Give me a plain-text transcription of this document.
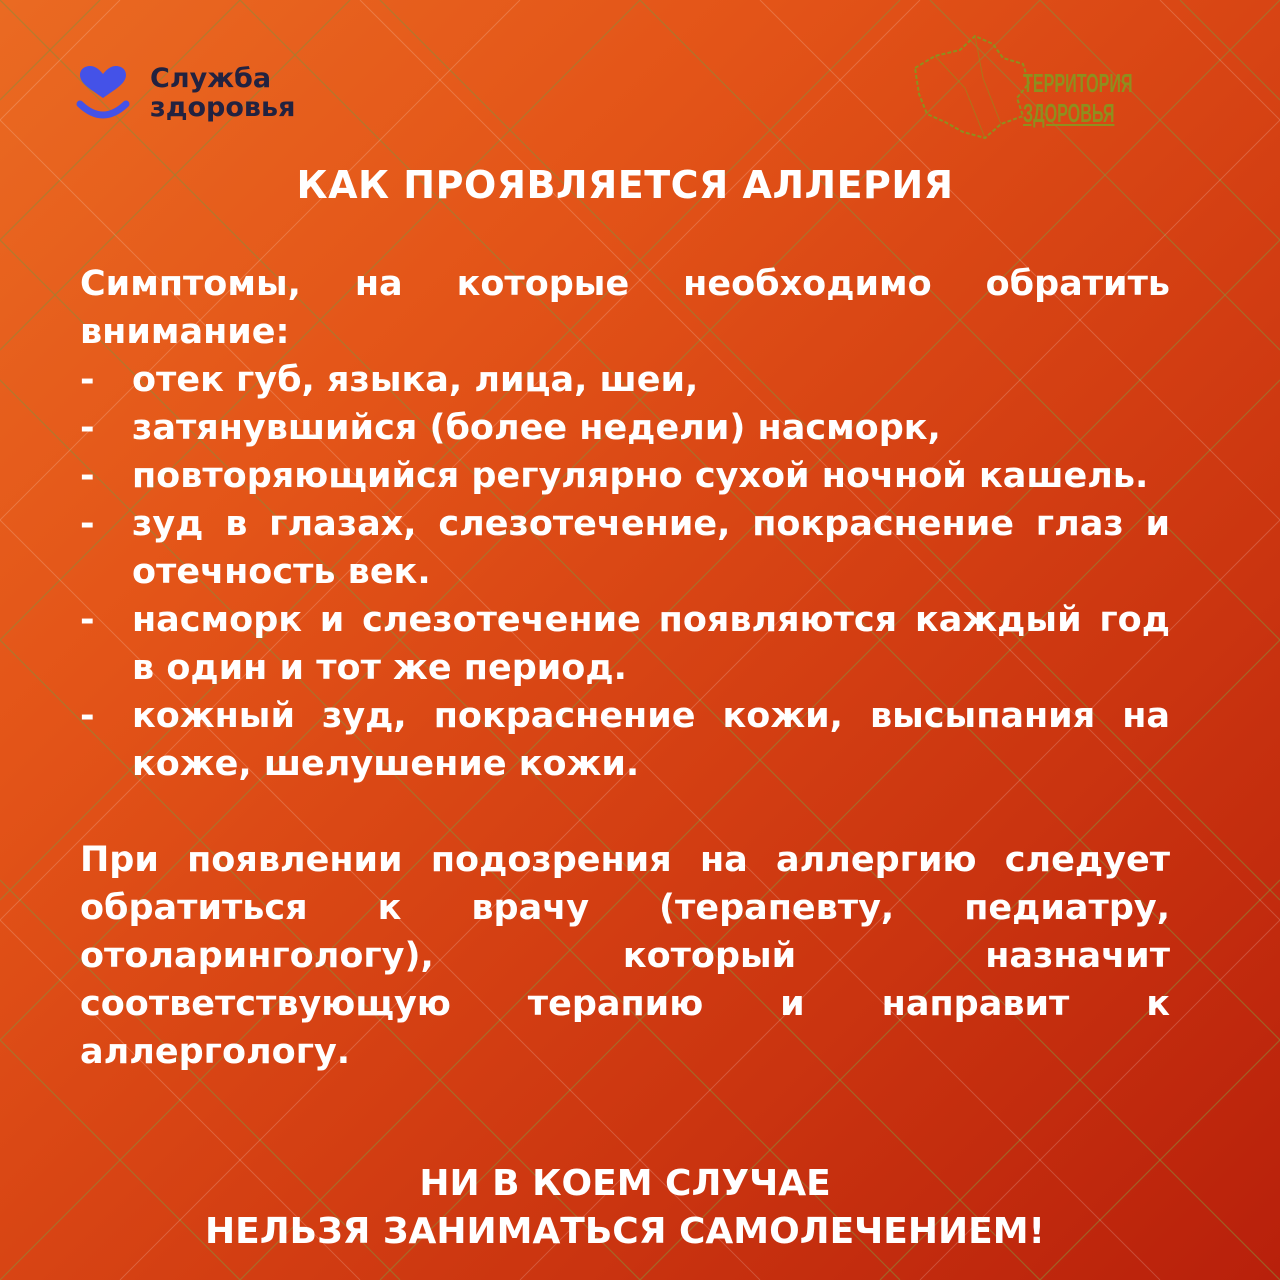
Служба
здоровья
ТЕРРИТОРИЯ
ЗДОРОВЬЯ
КАК ПРОЯВЛЯЕТСЯ АЛЛЕРИЯ

Симптомы, на которые необходимо обратить внимание:

- отек губ, языка, лица, шеи,
- затянувшийся (более недели) насморк,
- повторяющийся регулярно сухой ночной кашель.
- зуд в глазах, слезотечение, покраснение глаз и отечность век.
- насморк и слезотечение появляются каждый год в один и тот же период.
- кожный зуд, покраснение кожи, высыпания на коже, шелушение кожи.

При появлении подозрения на аллергию следует обратиться к врачу (терапевту, педиатру, отоларингологу), который назначит соответствующую терапию и направит к аллергологу.

НИ В КОЕМ СЛУЧАЕ
НЕЛЬЗЯ ЗАНИМАТЬСЯ САМОЛЕЧЕНИЕМ!
